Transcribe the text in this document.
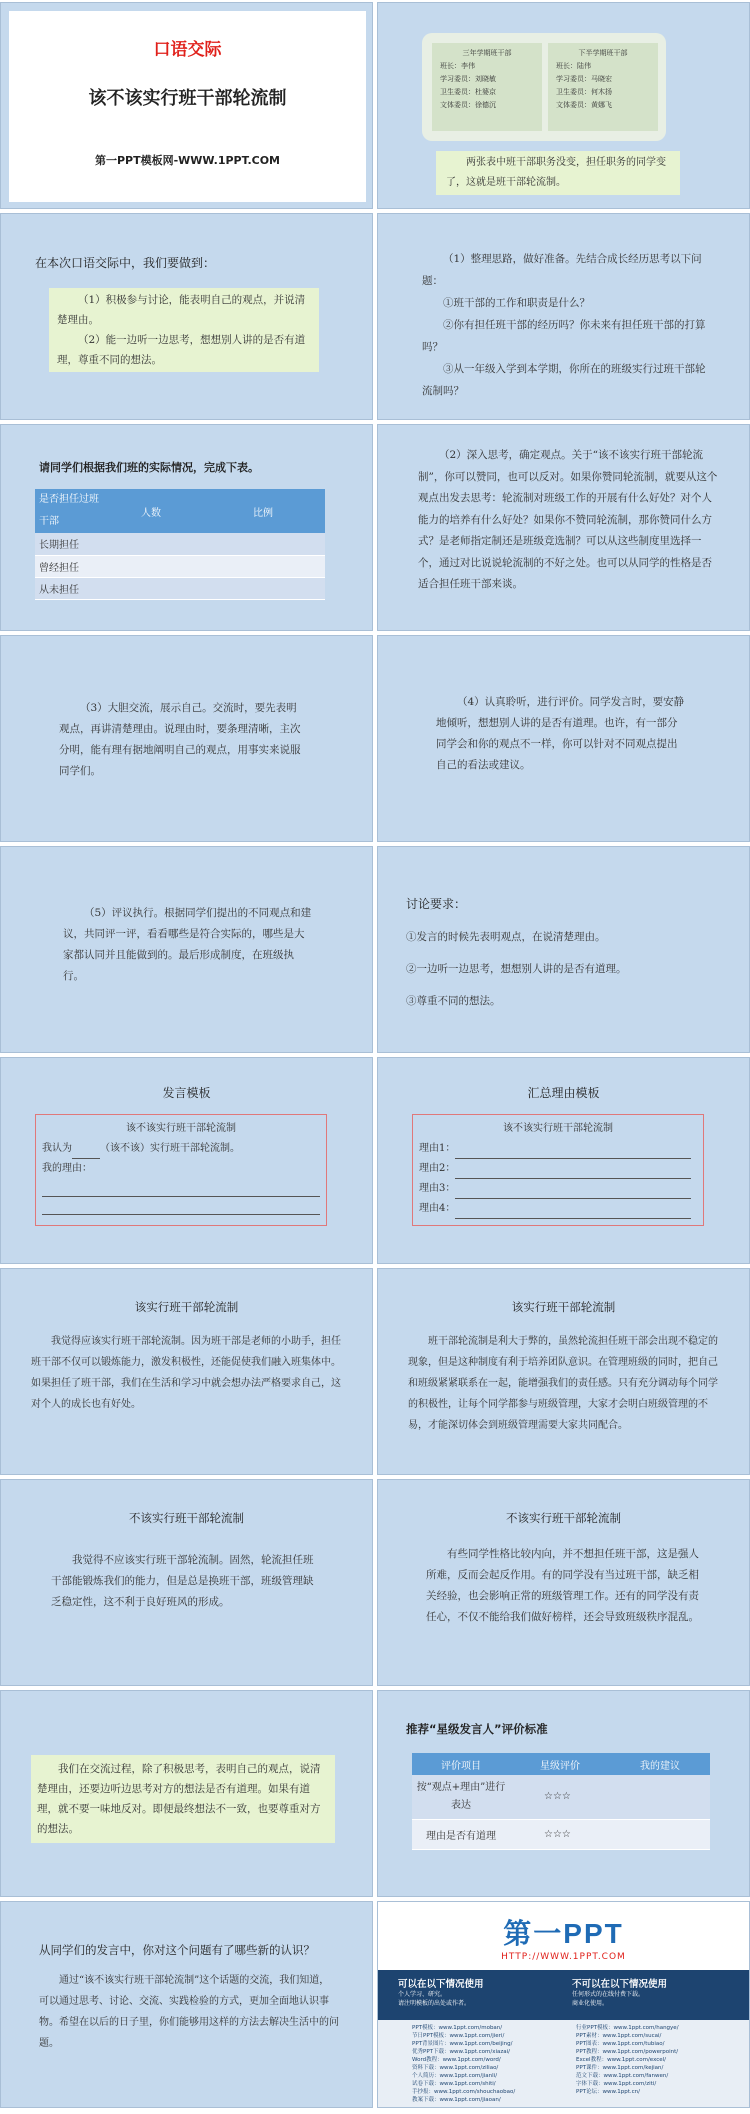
口语交际
该不该实行班干部轮流制
第一PPT模板网-WWW.1PPT.COM
三年学期班干部
班长：李伟
学习委员：刘晓敏
卫生委员：杜婆京
文体委员：徐德沉
下半学期班干部
班长：陆伟
学习委员：马晓宏
卫生委员：何木扬
文体委员：黄娜飞
两张表中班干部职务没变，担任职务的同学变了，这就是班干部轮流制。
在本次口语交际中，我们要做到：
（1）积极参与讨论，能表明自己的观点，并说清楚理由。
（2）能一边听一边思考，想想别人讲的是否有道理，尊重不同的想法。
（1）整理思路，做好准备。先结合成长经历思考以下问题：
①班干部的工作和职责是什么？
②你有担任班干部的经历吗？你未来有担任班干部的打算吗？
③从一年级入学到本学期，你所在的班级实行过班干部轮流制吗？
请同学们根据我们班的实际情况，完成下表。
是否担任过班干部	人数	比例
长期担任		
曾经担任		
从未担任		
（2）深入思考，确定观点。关于“该不该实行班干部轮流制”，你可以赞同，也可以反对。如果你赞同轮流制，就要从这个观点出发去思考：轮流制对班级工作的开展有什么好处？对个人能力的培养有什么好处？如果你不赞同轮流制，那你赞同什么方式？是老师指定制还是班级竞选制？可以从这些制度里选择一个，通过对比说说轮流制的不好之处。也可以从同学的性格是否适合担任班干部来谈。
（3）大胆交流，展示自己。交流时，要先表明观点，再讲清楚理由。说理由时，要条理清晰，主次分明，能有理有据地阐明自己的观点，用事实来说服同学们。
（4）认真聆听，进行评价。同学发言时，要安静地倾听，想想别人讲的是否有道理。也许，有一部分同学会和你的观点不一样，你可以针对不同观点提出自己的看法或建议。
（5）评议执行。根据同学们提出的不同观点和建议，共同评一评，看看哪些是符合实际的，哪些是大家都认同并且能做到的。最后形成制度，在班级执行。
讨论要求：
①发言的时候先表明观点，在说清楚理由。
②一边听一边思考，想想别人讲的是否有道理。
③尊重不同的想法。
发言模板
该不该实行班干部轮流制
我认为	（该不该）实行班干部轮流制。
我的理由：
汇总理由模板
该不该实行班干部轮流制
理由1：
理由2：
理由3：
理由4：
该实行班干部轮流制
我觉得应该实行班干部轮流制。因为班干部是老师的小助手，担任班干部不仅可以锻炼能力，激发积极性，还能促使我们融入班集体中。如果担任了班干部，我们在生活和学习中就会想办法严格要求自己，这对个人的成长也有好处。
该实行班干部轮流制
班干部轮流制是利大于弊的，虽然轮流担任班干部会出现不稳定的现象，但是这种制度有利于培养团队意识。在管理班级的同时，把自己和班级紧紧联系在一起，能增强我们的责任感。只有充分调动每个同学的积极性，让每个同学都参与班级管理，大家才会明白班级管理的不易，才能深切体会到班级管理需要大家共同配合。
不该实行班干部轮流制
我觉得不应该实行班干部轮流制。固然，轮流担任班干部能锻炼我们的能力，但是总是换班干部，班级管理缺乏稳定性，这不利于良好班风的形成。
不该实行班干部轮流制
有些同学性格比较内向，并不想担任班干部，这是强人所难，反而会起反作用。有的同学没有当过班干部，缺乏相关经验，也会影响正常的班级管理工作。还有的同学没有责任心，不仅不能给我们做好榜样，还会导致班级秩序混乱。
我们在交流过程，除了积极思考，表明自己的观点，说清楚理由，还要边听边思考对方的想法是否有道理。如果有道理，就不要一味地反对。即便最终想法不一致，也要尊重对方的想法。
推荐“星级发言人”评价标准
评价项目	星级评价	我的建议
按“观点+理由”进行表达	☆☆☆	
理由是否有道理	☆☆☆	
从同学们的发言中，你对这个问题有了哪些新的认识？
通过“该不该实行班干部轮流制”这个话题的交流，我们知道，可以通过思考、讨论、交流、实践检验的方式，更加全面地认识事物。希望在以后的日子里，你们能够用这样的方法去解决生活中的问题。
第一PPT
HTTP://WWW.1PPT.COM
可以在以下情况使用
个人学习、研究。
请注明模板的出处或作者。
不可以在以下情况使用
任何形式的在线付费下载。
商业化使用。
PPT模板：www.1ppt.com/moban/
节日PPT模板：www.1ppt.com/jieri/
PPT背景图片：www.1ppt.com/beijing/
优秀PPT下载：www.1ppt.com/xiazai/
Word教程：www.1ppt.com/word/
资料下载：www.1ppt.com/ziliao/
个人简历：www.1ppt.com/jianli/
试卷下载：www.1ppt.com/shiti/
手抄报：www.1ppt.com/shouchaobao/
教案下载：www.1ppt.com/jiaoan/
行业PPT模板：www.1ppt.com/hangye/
PPT素材：www.1ppt.com/sucai/
PPT图表：www.1ppt.com/tubiao/
PPT教程：www.1ppt.com/powerpoint/
Excel教程：www.1ppt.com/excel/
PPT课件：www.1ppt.com/kejian/
范文下载：www.1ppt.com/fanwen/
字体下载：www.1ppt.com/ziti/
PPT论坛：www.1ppt.cn/
